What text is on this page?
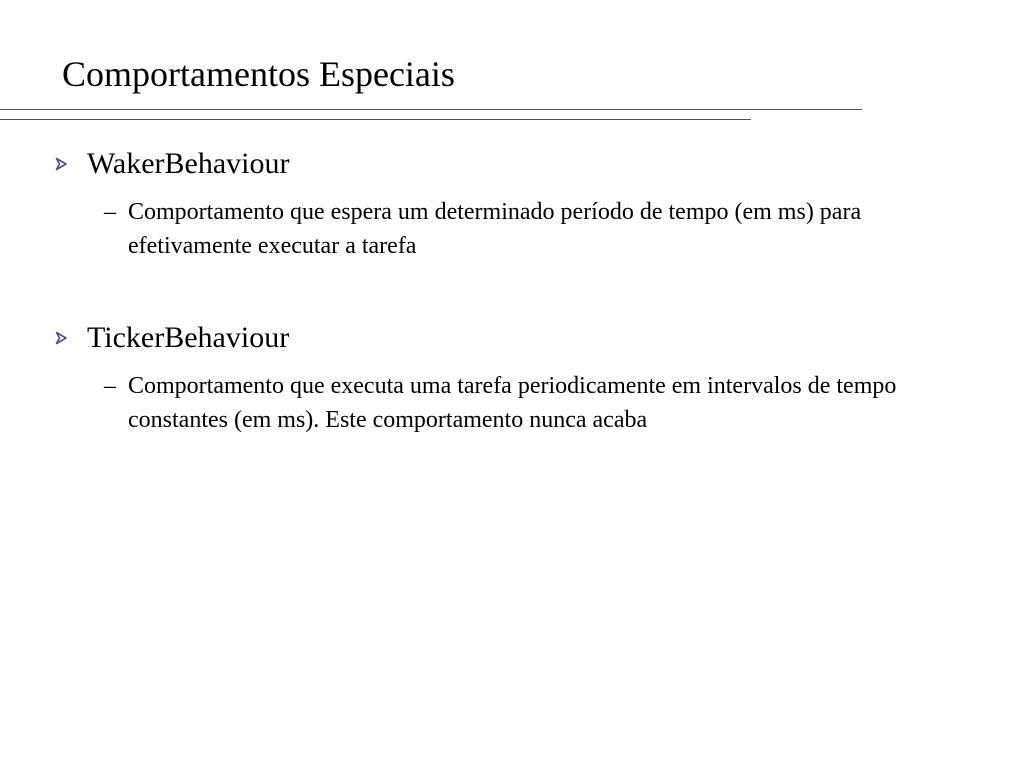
Comportamentos Especiais
WakerBehaviour
– Comportamento que espera um determinado período de tempo (em ms) para efetivamente executar a tarefa
TickerBehaviour
– Comportamento que executa uma tarefa periodicamente em intervalos de tempo constantes (em ms). Este comportamento nunca acaba
